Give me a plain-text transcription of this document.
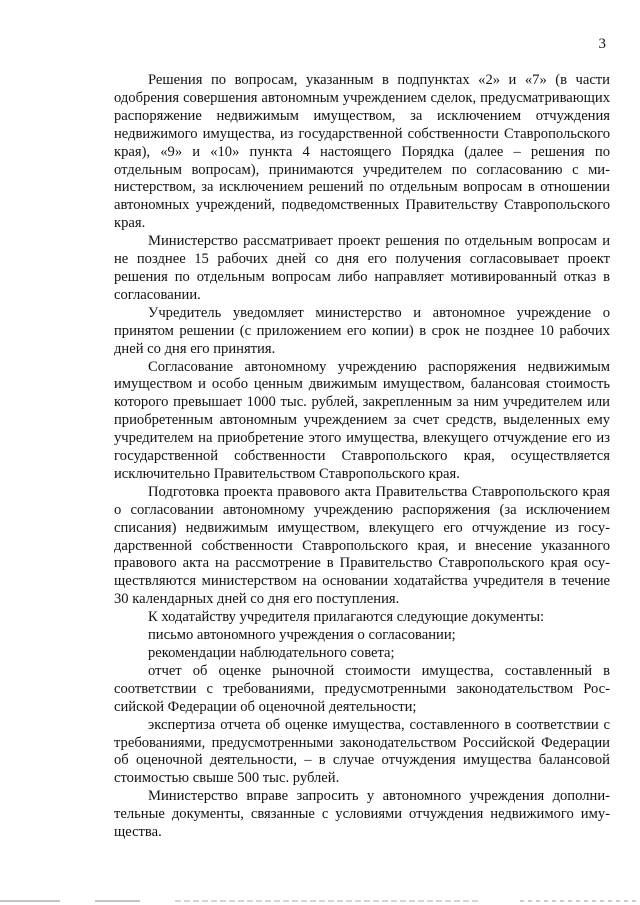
3

Решения по вопросам, указанным в подпунктах «2» и «7» (в части одобрения совершения автономным учреждением сделок, предусматривающих распоряжение недвижимым имуществом, за исключением отчуждения недвижимого имущества, из государственной собственности Ставропольского края), «9» и «10» пункта 4 настоящего Порядка (далее – решения по отдельным вопросам), принимаются учредителем по согласованию с министерством, за исключением решений по отдельным вопросам в отношении автономных учреждений, подведомственных Правительству Ставропольского края.

Министерство рассматривает проект решения по отдельным вопросам и не позднее 15 рабочих дней со дня его получения согласовывает проект решения по отдельным вопросам либо направляет мотивированный отказ в согласовании.

Учредитель уведомляет министерство и автономное учреждение о принятом решении (с приложением его копии) в срок не позднее 10 рабочих дней со дня его принятия.

Согласование автономному учреждению распоряжения недвижимым имуществом и особо ценным движимым имуществом, балансовая стоимость которого превышает 1000 тыс. рублей, закрепленным за ним учредителем или приобретенным автономным учреждением за счет средств, выделенных ему учредителем на приобретение этого имущества, влекущего отчуждение его из государственной собственности Ставропольского края, осуществляется исключительно Правительством Ставропольского края.

Подготовка проекта правового акта Правительства Ставропольского края о согласовании автономному учреждению распоряжения (за исключением списания) недвижимым имуществом, влекущего его отчуждение из государственной собственности Ставропольского края, и внесение указанного правового акта на рассмотрение в Правительство Ставропольского края осуществляются министерством на основании ходатайства учредителя в течение 30 календарных дней со дня его поступления.

К ходатайству учредителя прилагаются следующие документы:

письмо автономного учреждения о согласовании;

рекомендации наблюдательного совета;

отчет об оценке рыночной стоимости имущества, составленный в соответствии с требованиями, предусмотренными законодательством Российской Федерации об оценочной деятельности;

экспертиза отчета об оценке имущества, составленного в соответствии с требованиями, предусмотренными законодательством Российской Федерации об оценочной деятельности, – в случае отчуждения имущества балансовой стоимостью свыше 500 тыс. рублей.

Министерство вправе запросить у автономного учреждения дополнительные документы, связанные с условиями отчуждения недвижимого имущества.
